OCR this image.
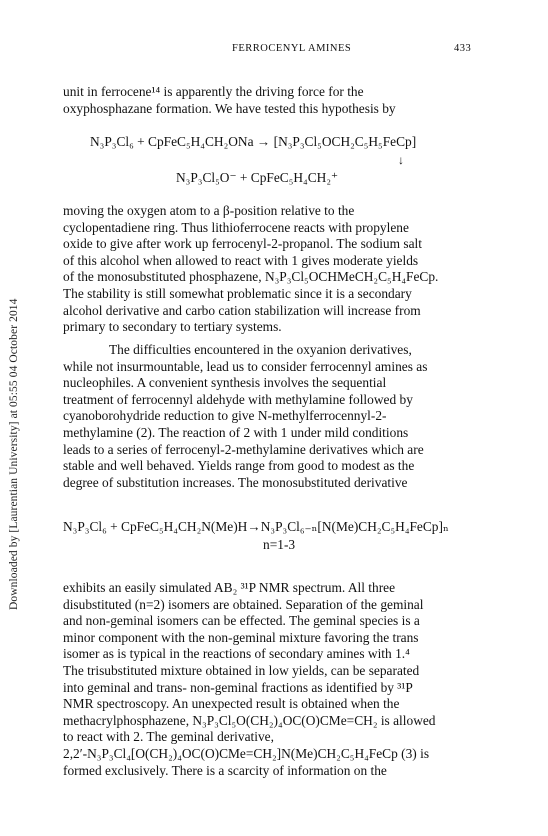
Downloaded by [Laurentian University] at 05:55 04 October 2014
FERROCENYL AMINES	433

unit in ferrocene¹⁴ is apparently the driving force for the
oxyphosphazane formation. We have tested this hypothesis by

N₃P₃Cl₆ + CpFeC₅H₄CH₂ONa → [N₃P₃Cl₅OCH₂C₅H₅FeCp]

↓

N₃P₃Cl₅O⁻ + CpFeC₅H₄CH₂⁺

moving the oxygen atom to a β-position relative to the
cyclopentadiene ring. Thus lithioferrocene reacts with propylene
oxide to give after work up ferrocenyl-2-propanol. The sodium salt
of this alcohol when allowed to react with 1 gives moderate yields
of the monosubstituted phosphazene, N₃P₃Cl₅OCHMeCH₂C₅H₄FeCp.
The stability is still somewhat problematic since it is a secondary
alcohol derivative and carbo cation stabilization will increase from
primary to secondary to tertiary systems.

The difficulties encountered in the oxyanion derivatives,
while not insurmountable, lead us to consider ferrocennyl amines as
nucleophiles. A convenient synthesis involves the sequential
treatment of ferrocennyl aldehyde with methylamine followed by
cyanoborohydride reduction to give N-methylferrocennyl-2-
methylamine (2). The reaction of 2 with 1 under mild conditions
leads to a series of ferrocenyl-2-methylamine derivatives which are
stable and well behaved. Yields range from good to modest as the
degree of substitution increases. The monosubstituted derivative

N₃P₃Cl₆ + CpFeC₅H₄CH₂N(Me)H→N₃P₃Cl₆₋ₙ[N(Me)CH₂C₅H₄FeCp]ₙ

n=1-3

exhibits an easily simulated AB₂ ³¹P NMR spectrum. All three
disubstituted (n=2) isomers are obtained. Separation of the geminal
and non-geminal isomers can be effected. The geminal species is a
minor component with the non-geminal mixture favoring the trans
isomer as is typical in the reactions of secondary amines with 1.⁴
The trisubstituted mixture obtained in low yields, can be separated
into geminal and trans- non-geminal fractions as identified by ³¹P
NMR spectroscopy. An unexpected result is obtained when the
methacrylphosphazene, N₃P₃Cl₅O(CH₂)₄OC(O)CMe=CH₂ is allowed
to react with 2. The geminal derivative,
2,2′-N₃P₃Cl₄[O(CH₂)₄OC(O)CMe=CH₂]N(Me)CH₂C₅H₄FeCp (3) is
formed exclusively. There is a scarcity of information on the
